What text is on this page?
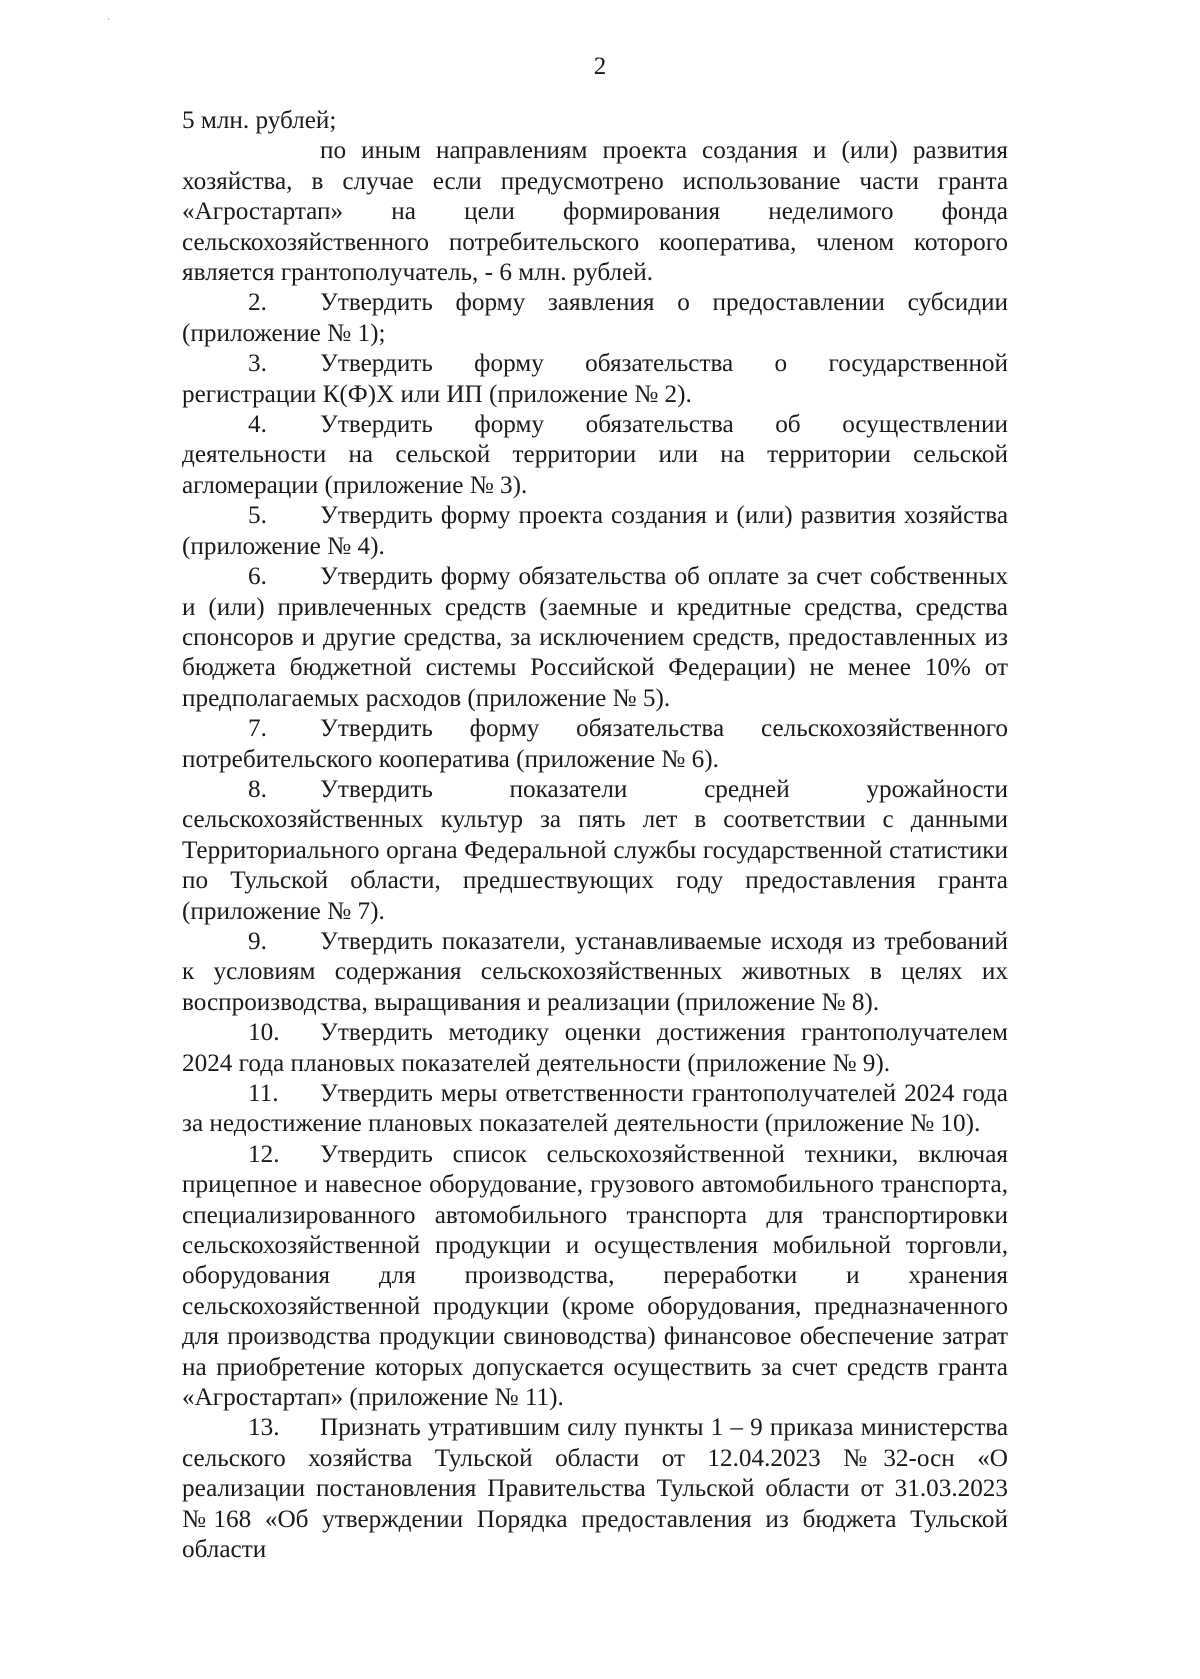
2

5 млн. рублей;

по иным направлениям проекта создания и (или) развития хозяйства, в случае если предусмотрено использование части гранта «Агростартап» на цели формирования неделимого фонда сельскохозяйственного потребительского кооператива, членом которого является грантополучатель, - 6 млн. рублей.

2. Утвердить форму заявления о предоставлении субсидии (приложение № 1);

3. Утвердить форму обязательства о государственной регистрации К(Ф)Х или ИП (приложение № 2).

4. Утвердить форму обязательства об осуществлении деятельности на сельской территории или на территории сельской агломерации (приложение № 3).

5. Утвердить форму проекта создания и (или) развития хозяйства (приложение № 4).

6. Утвердить форму обязательства об оплате за счет собственных и (или) привлеченных средств (заемные и кредитные средства, средства спонсоров и другие средства, за исключением средств, предоставленных из бюджета бюджетной системы Российской Федерации) не менее 10% от предполагаемых расходов (приложение № 5).

7. Утвердить форму обязательства сельскохозяйственного потребительского кооператива (приложение № 6).

8. Утвердить показатели средней урожайности сельскохозяйственных культур за пять лет в соответствии с данными Территориального органа Федеральной службы государственной статистики по Тульской области, предшествующих году предоставления гранта (приложение № 7).

9. Утвердить показатели, устанавливаемые исходя из требований к условиям содержания сельскохозяйственных животных в целях их воспроизводства, выращивания и реализации (приложение № 8).

10. Утвердить методику оценки достижения грантополучателем 2024 года плановых показателей деятельности (приложение № 9).

11. Утвердить меры ответственности грантополучателей 2024 года за недостижение плановых показателей деятельности (приложение № 10).

12. Утвердить список сельскохозяйственной техники, включая прицепное и навесное оборудование, грузового автомобильного транспорта, специализированного автомобильного транспорта для транспортировки сельскохозяйственной продукции и осуществления мобильной торговли, оборудования для производства, переработки и хранения сельскохозяйственной продукции (кроме оборудования, предназначенного для производства продукции свиноводства) финансовое обеспечение затрат на приобретение которых допускается осуществить за счет средств гранта «Агростартап» (приложение № 11).

13. Признать утратившим силу пункты 1 – 9 приказа министерства сельского хозяйства Тульской области от 12.04.2023 №32-осн «О реализации постановления Правительства Тульской области от 31.03.2023 №168 «Об утверждении Порядка предоставления из бюджета Тульской области
